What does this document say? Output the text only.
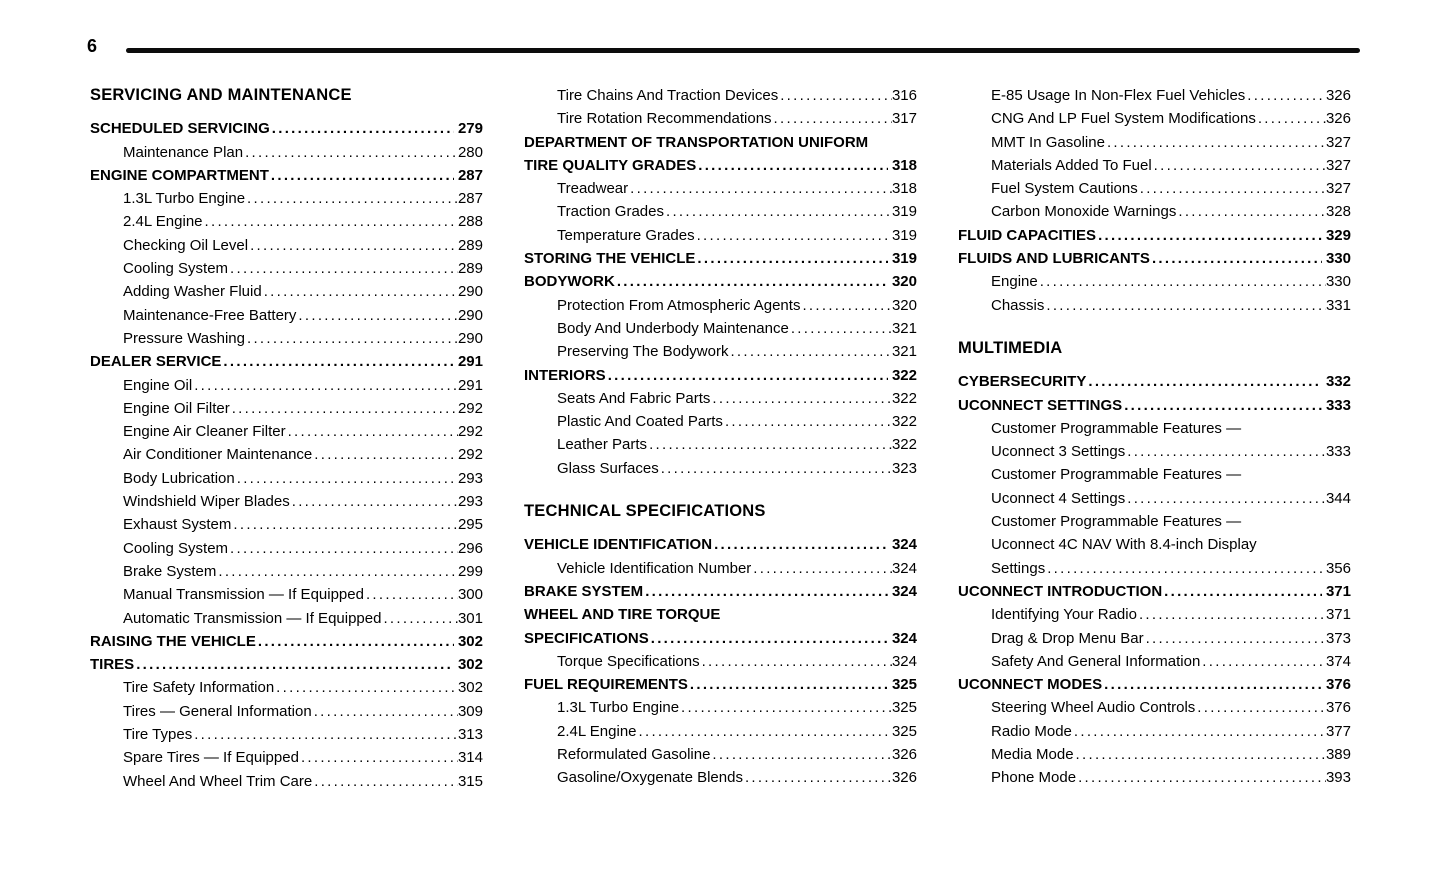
6
SERVICING AND MAINTENANCE
SCHEDULED SERVICING .....	279
Maintenance Plan .....	280
ENGINE COMPARTMENT .....	287
1.3L Turbo Engine .....	287
2.4L Engine .....	288
Checking Oil Level .....	289
Cooling System .....	289
Adding Washer Fluid .....	290
Maintenance-Free Battery .....	290
Pressure Washing .....	290
DEALER SERVICE .....	291
Engine Oil .....	291
Engine Oil Filter .....	292
Engine Air Cleaner Filter .....	292
Air Conditioner Maintenance .....	292
Body Lubrication .....	293
Windshield Wiper Blades .....	293
Exhaust System .....	295
Cooling System .....	296
Brake System .....	299
Manual Transmission — If Equipped .....	300
Automatic Transmission — If Equipped .....	301
RAISING THE VEHICLE .....	302
TIRES .....	302
Tire Safety Information .....	302
Tires — General Information .....	309
Tire Types .....	313
Spare Tires — If Equipped .....	314
Wheel And Wheel Trim Care .....	315
Tire Chains And Traction Devices .....	316
Tire Rotation Recommendations .....	317
DEPARTMENT OF TRANSPORTATION UNIFORM
TIRE QUALITY GRADES .....	318
Treadwear .....	318
Traction Grades .....	319
Temperature Grades .....	319
STORING THE VEHICLE .....	319
BODYWORK .....	320
Protection From Atmospheric Agents .....	320
Body And Underbody Maintenance .....	321
Preserving The Bodywork .....	321
INTERIORS .....	322
Seats And Fabric Parts .....	322
Plastic And Coated Parts .....	322
Leather Parts .....	322
Glass Surfaces .....	323
TECHNICAL SPECIFICATIONS
VEHICLE IDENTIFICATION .....	324
Vehicle Identification Number .....	324
BRAKE SYSTEM .....	324
WHEEL AND TIRE TORQUE
SPECIFICATIONS .....	324
Torque Specifications .....	324
FUEL REQUIREMENTS .....	325
1.3L Turbo Engine .....	325
2.4L Engine .....	325
Reformulated Gasoline .....	326
Gasoline/Oxygenate Blends .....	326
E-85 Usage In Non-Flex Fuel Vehicles .....	326
CNG And LP Fuel System Modifications .....	326
MMT In Gasoline .....	327
Materials Added To Fuel .....	327
Fuel System Cautions .....	327
Carbon Monoxide Warnings .....	328
FLUID CAPACITIES .....	329
FLUIDS AND LUBRICANTS .....	330
Engine .....	330
Chassis .....	331
MULTIMEDIA
CYBERSECURITY .....	332
UCONNECT SETTINGS .....	333
Customer Programmable Features —
Uconnect 3 Settings .....	333
Customer Programmable Features —
Uconnect 4 Settings .....	344
Customer Programmable Features —
Uconnect 4C NAV With 8.4-inch Display
Settings .....	356
UCONNECT INTRODUCTION .....	371
Identifying Your Radio .....	371
Drag & Drop Menu Bar .....	373
Safety And General Information .....	374
UCONNECT MODES .....	376
Steering Wheel Audio Controls .....	376
Radio Mode .....	377
Media Mode .....	389
Phone Mode .....	393
